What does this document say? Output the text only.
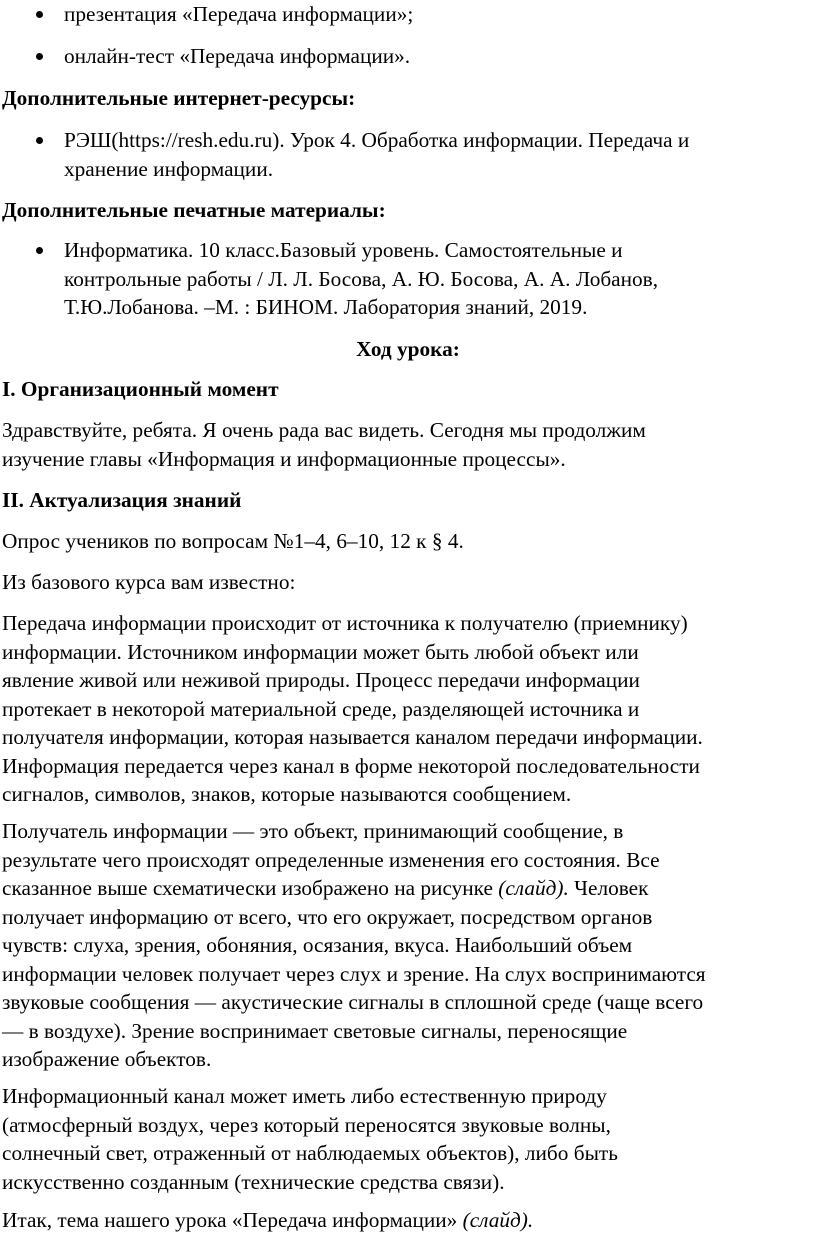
презентация «Передача информации»;

онлайн-тест «Передача информации».

Дополнительные интернет-ресурсы:

РЭШ(https://resh.edu.ru). Урок 4. Обработка информации. Передача и
хранение информации.

Дополнительные печатные материалы:

Информатика. 10 класс.Базовый уровень. Самостоятельные и
контрольные работы / Л. Л. Босова, А. Ю. Босова, А. А. Лобанов,
Т.Ю.Лобанова. –М. : БИНОМ. Лаборатория знаний, 2019.

Ход урока:

I. Организационный момент

Здравствуйте, ребята. Я очень рада вас видеть. Сегодня мы продолжим
изучение главы «Информация и информационные процессы».

II. Актуализация знаний

Опрос учеников по вопросам №1–4, 6–10, 12 к § 4.

Из базового курса вам известно:

Передача информации происходит от источника к получателю (приемнику)
информации. Источником информации может быть любой объект или
явление живой или неживой природы. Процесс передачи информации
протекает в некоторой материальной среде, разделяющей источника и
получателя информации, которая называется каналом передачи информации.
Информация передается через канал в форме некоторой последовательности
сигналов, символов, знаков, которые называются сообщением.

Получатель информации — это объект, принимающий сообщение, в
результате чего происходят определенные изменения его состояния. Все
сказанное выше схематически изображено на рисунке (слайд). Человек
получает информацию от всего, что его окружает, посредством органов
чувств: слуха, зрения, обоняния, осязания, вкуса. Наибольший объем
информации человек получает через слух и зрение. На слух воспринимаются
звуковые сообщения — акустические сигналы в сплошной среде (чаще всего
— в воздухе). Зрение воспринимает световые сигналы, переносящие
изображение объектов.

Информационный канал может иметь либо естественную природу
(атмосферный воздух, через который переносятся звуковые волны,
солнечный свет, отраженный от наблюдаемых объектов), либо быть
искусственно созданным (технические средства связи).

Итак, тема нашего урока «Передача информации» (слайд).
